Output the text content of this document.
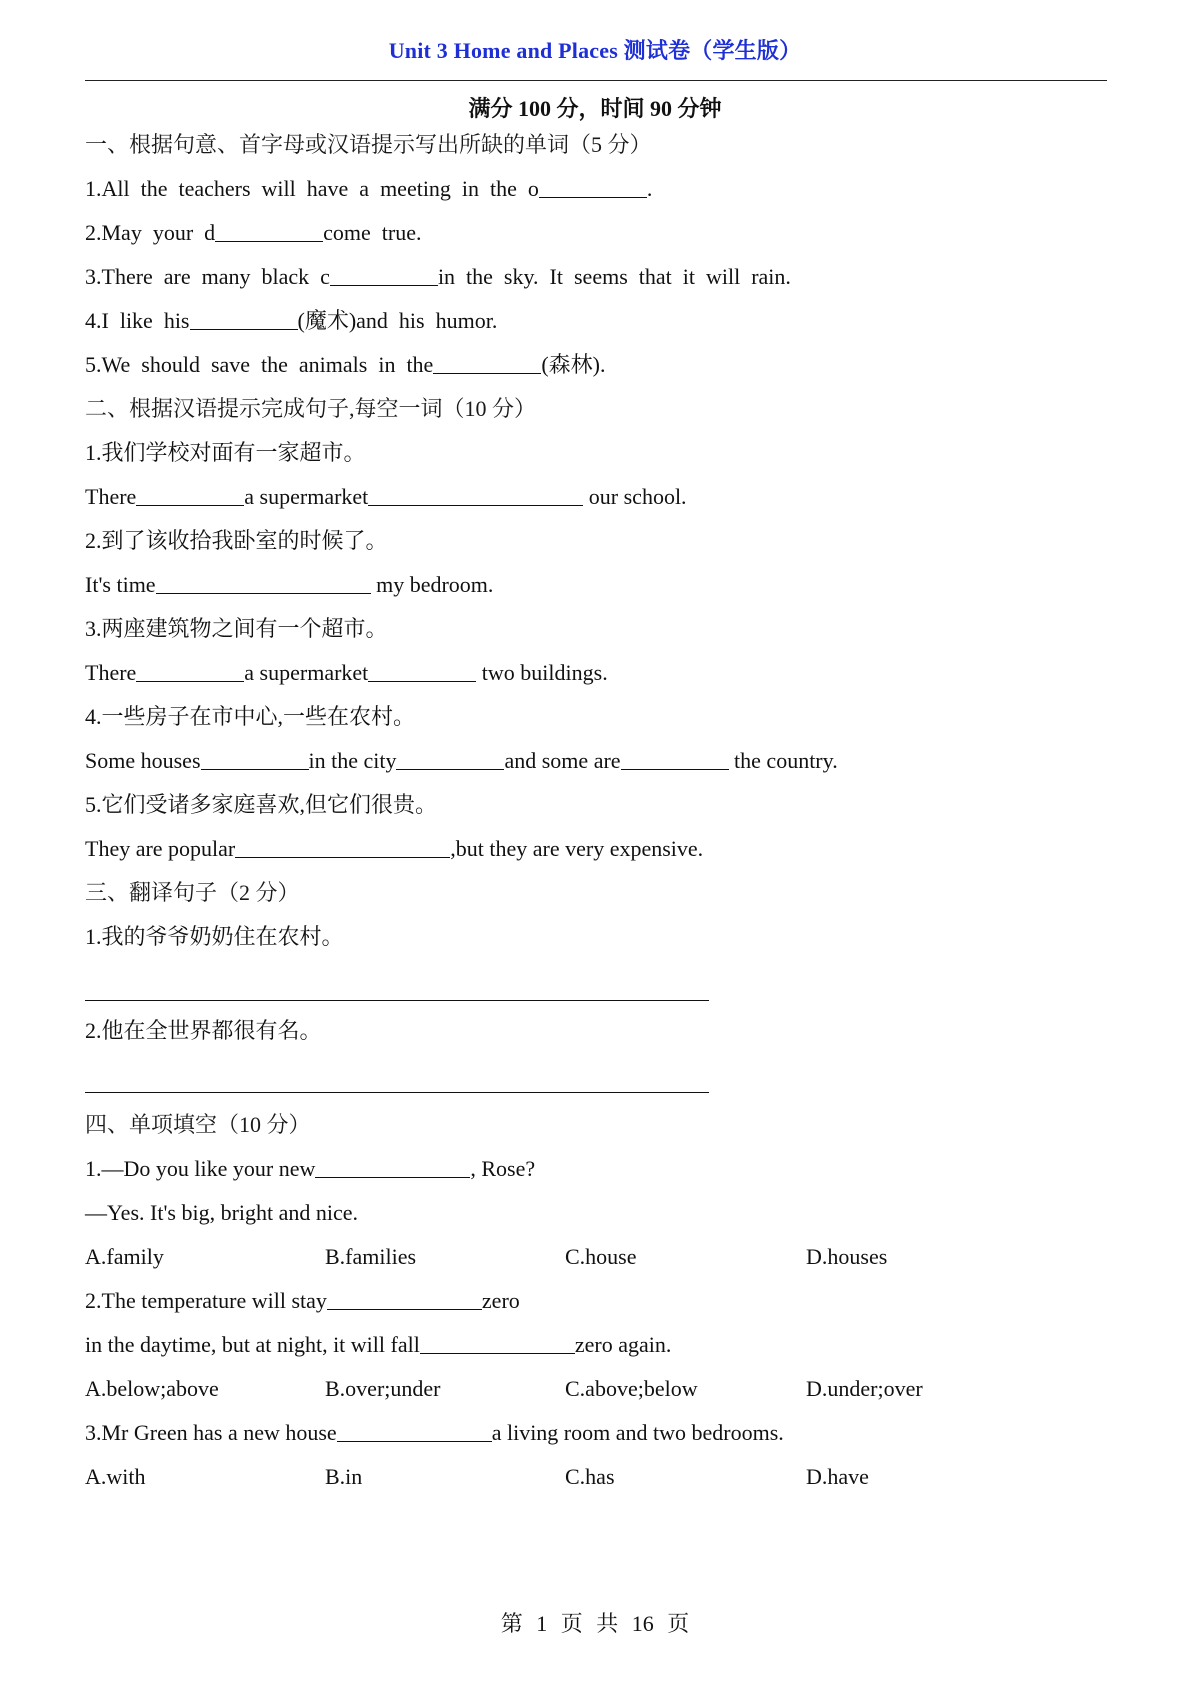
Unit 3 Home and Places 测试卷（学生版）
满分 100 分，时间 90 分钟
一、根据句意、首字母或汉语提示写出所缺的单词（5 分）
1.All  the  teachers  will  have  a  meeting  in  the  o	.
2.May  your  d	come  true.
3.There  are  many  black  c	in  the  sky.  It  seems  that  it  will  rain.
4.I  like  his	(魔术)and  his  humor.
5.We  should  save  the  animals  in  the	(森林).
二、根据汉语提示完成句子,每空一词（10 分）
1.我们学校对面有一家超市。
There	a supermarket	our school.
2.到了该收拾我卧室的时候了。
It's time	my bedroom.
3.两座建筑物之间有一个超市。
There	a supermarket	two buildings.
4.一些房子在市中心,一些在农村。
Some houses	in the city	and some are	the country.
5.它们受诸多家庭喜欢,但它们很贵。
They are popular	,but they are very expensive.
三、翻译句子（2 分）
1.我的爷爷奶奶住在农村。
2.他在全世界都很有名。
四、单项填空（10 分）
1.—Do you like your new	, Rose?
—Yes. It's big, bright and nice.
A.family	B.families	C.house	D.houses
2.The temperature will stay	zero
in the daytime, but at night, it will fall	zero again.
A.below;above	B.over;under	C.above;below	D.under;over
3.Mr Green has a new house	a living room and two bedrooms.
A.with	B.in	C.has	D.have
第 1 页 共 16 页
